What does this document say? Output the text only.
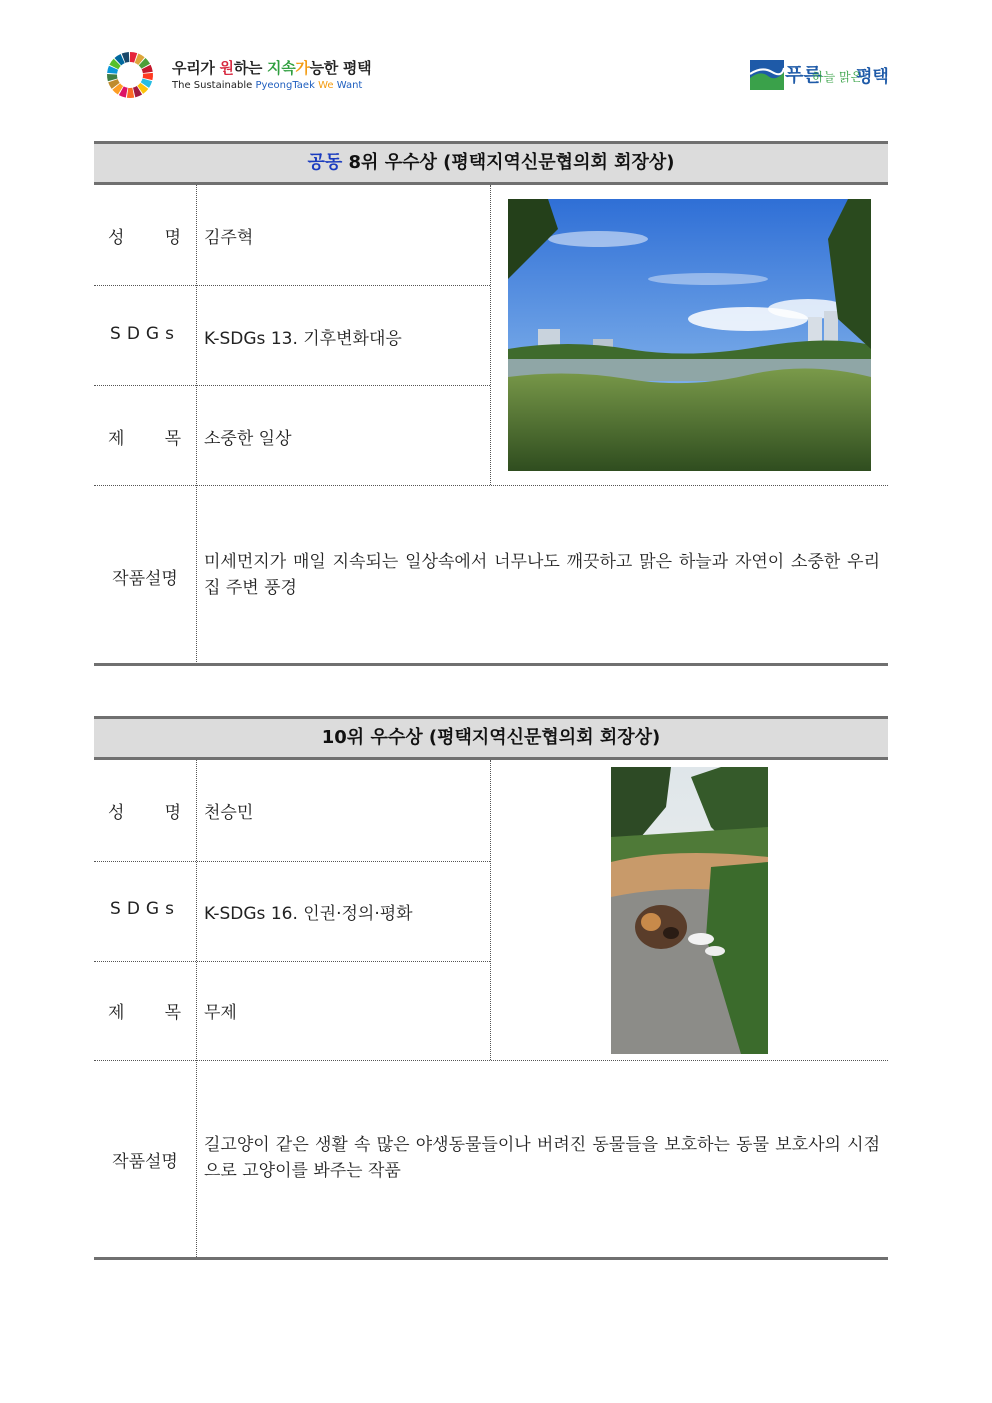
우리가 원하는 지속가능한 평택
The Sustainable PyeongTaek We Want	푸른
하늘 맑은
평택
공동 8위 우수상 (평택지역신문협의회 회장상)
성 명 김주혁
SDGs	K-SDGs 13. 기후변화대응
제 목 소중한 일상
작품설명
미세먼지가 매일 지속되는 일상속에서 너무나도 깨끗하고 맑은 하늘과 자연이 소중한 우리집 주변 풍경
10위 우수상 (평택지역신문협의회 회장상)
성 명 천승민
SDGs	K-SDGs 16. 인권·정의·평화
제 목 무제
작품설명
길고양이 같은 생활 속 많은 야생동물들이나 버려진 동물들을 보호하는 동물 보호사의 시점으로 고양이를 봐주는 작품
